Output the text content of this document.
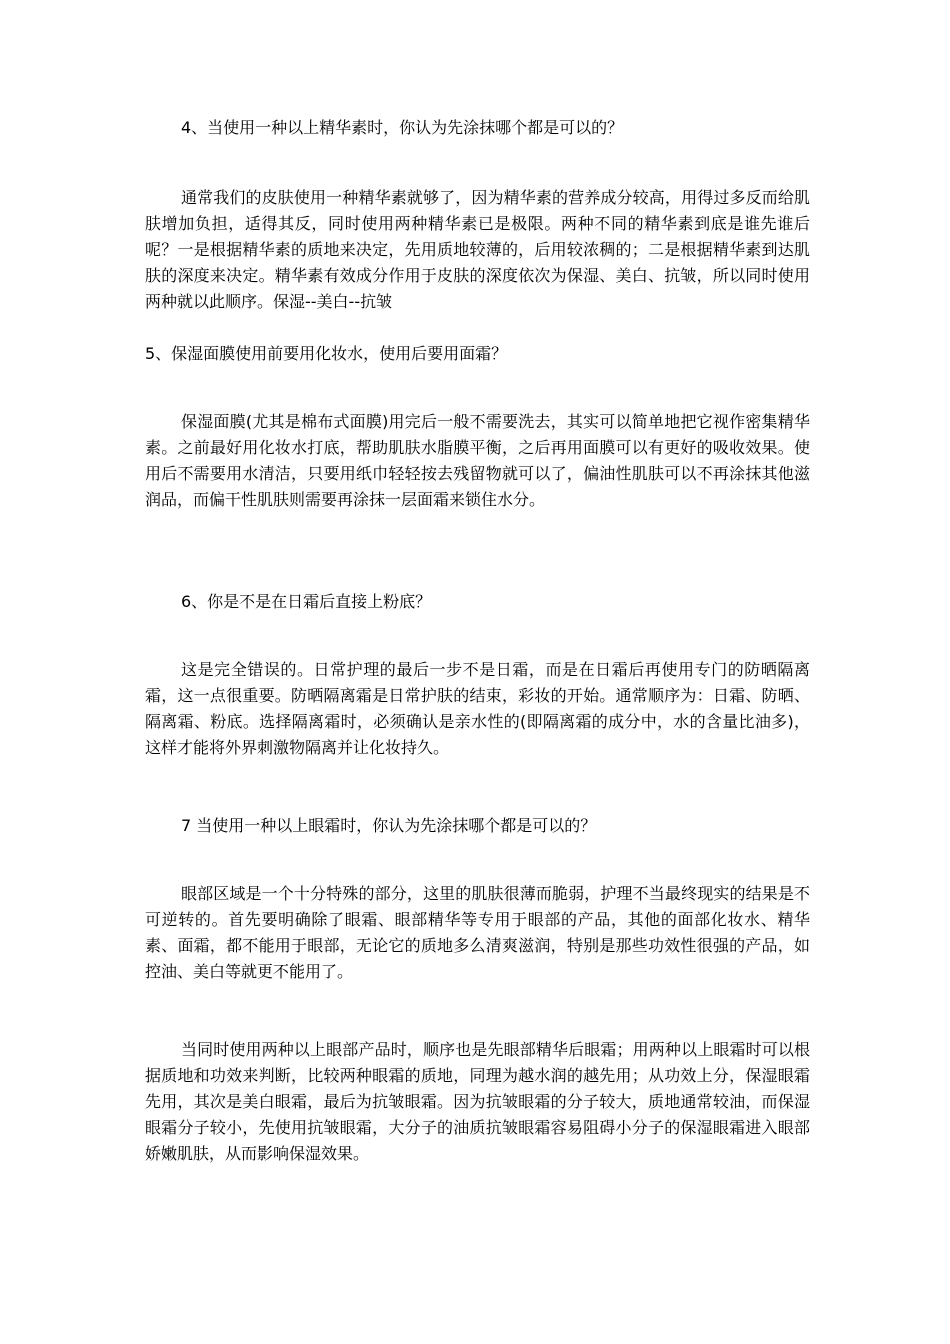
4、当使用一种以上精华素时，你认为先涂抹哪个都是可以的？

通常我们的皮肤使用一种精华素就够了，因为精华素的营养成分较高，用得过多反而给肌肤增加负担，适得其反，同时使用两种精华素已是极限。两种不同的精华素到底是谁先谁后呢？一是根据精华素的质地来决定，先用质地较薄的，后用较浓稠的；二是根据精华素到达肌肤的深度来决定。精华素有效成分作用于皮肤的深度依次为保湿、美白、抗皱，所以同时使用两种就以此顺序。保湿--美白--抗皱

5、保湿面膜使用前要用化妆水，使用后要用面霜？

保湿面膜(尤其是棉布式面膜)用完后一般不需要洗去，其实可以简单地把它视作密集精华素。之前最好用化妆水打底，帮助肌肤水脂膜平衡，之后再用面膜可以有更好的吸收效果。使用后不需要用水清洁，只要用纸巾轻轻按去残留物就可以了，偏油性肌肤可以不再涂抹其他滋润品，而偏干性肌肤则需要再涂抹一层面霜来锁住水分。

6、你是不是在日霜后直接上粉底？

这是完全错误的。日常护理的最后一步不是日霜，而是在日霜后再使用专门的防晒隔离霜，这一点很重要。防晒隔离霜是日常护肤的结束，彩妆的开始。通常顺序为：日霜、防晒、隔离霜、粉底。选择隔离霜时，必须确认是亲水性的(即隔离霜的成分中，水的含量比油多)，这样才能将外界刺激物隔离并让化妆持久。

7 当使用一种以上眼霜时，你认为先涂抹哪个都是可以的？

眼部区域是一个十分特殊的部分，这里的肌肤很薄而脆弱，护理不当最终现实的结果是不可逆转的。首先要明确除了眼霜、眼部精华等专用于眼部的产品，其他的面部化妆水、精华素、面霜，都不能用于眼部，无论它的质地多么清爽滋润，特别是那些功效性很强的产品，如控油、美白等就更不能用了。

当同时使用两种以上眼部产品时，顺序也是先眼部精华后眼霜；用两种以上眼霜时可以根据质地和功效来判断，比较两种眼霜的质地，同理为越水润的越先用；从功效上分，保湿眼霜先用，其次是美白眼霜，最后为抗皱眼霜。因为抗皱眼霜的分子较大，质地通常较油，而保湿眼霜分子较小，先使用抗皱眼霜，大分子的油质抗皱眼霜容易阻碍小分子的保湿眼霜进入眼部娇嫩肌肤，从而影响保湿效果。
